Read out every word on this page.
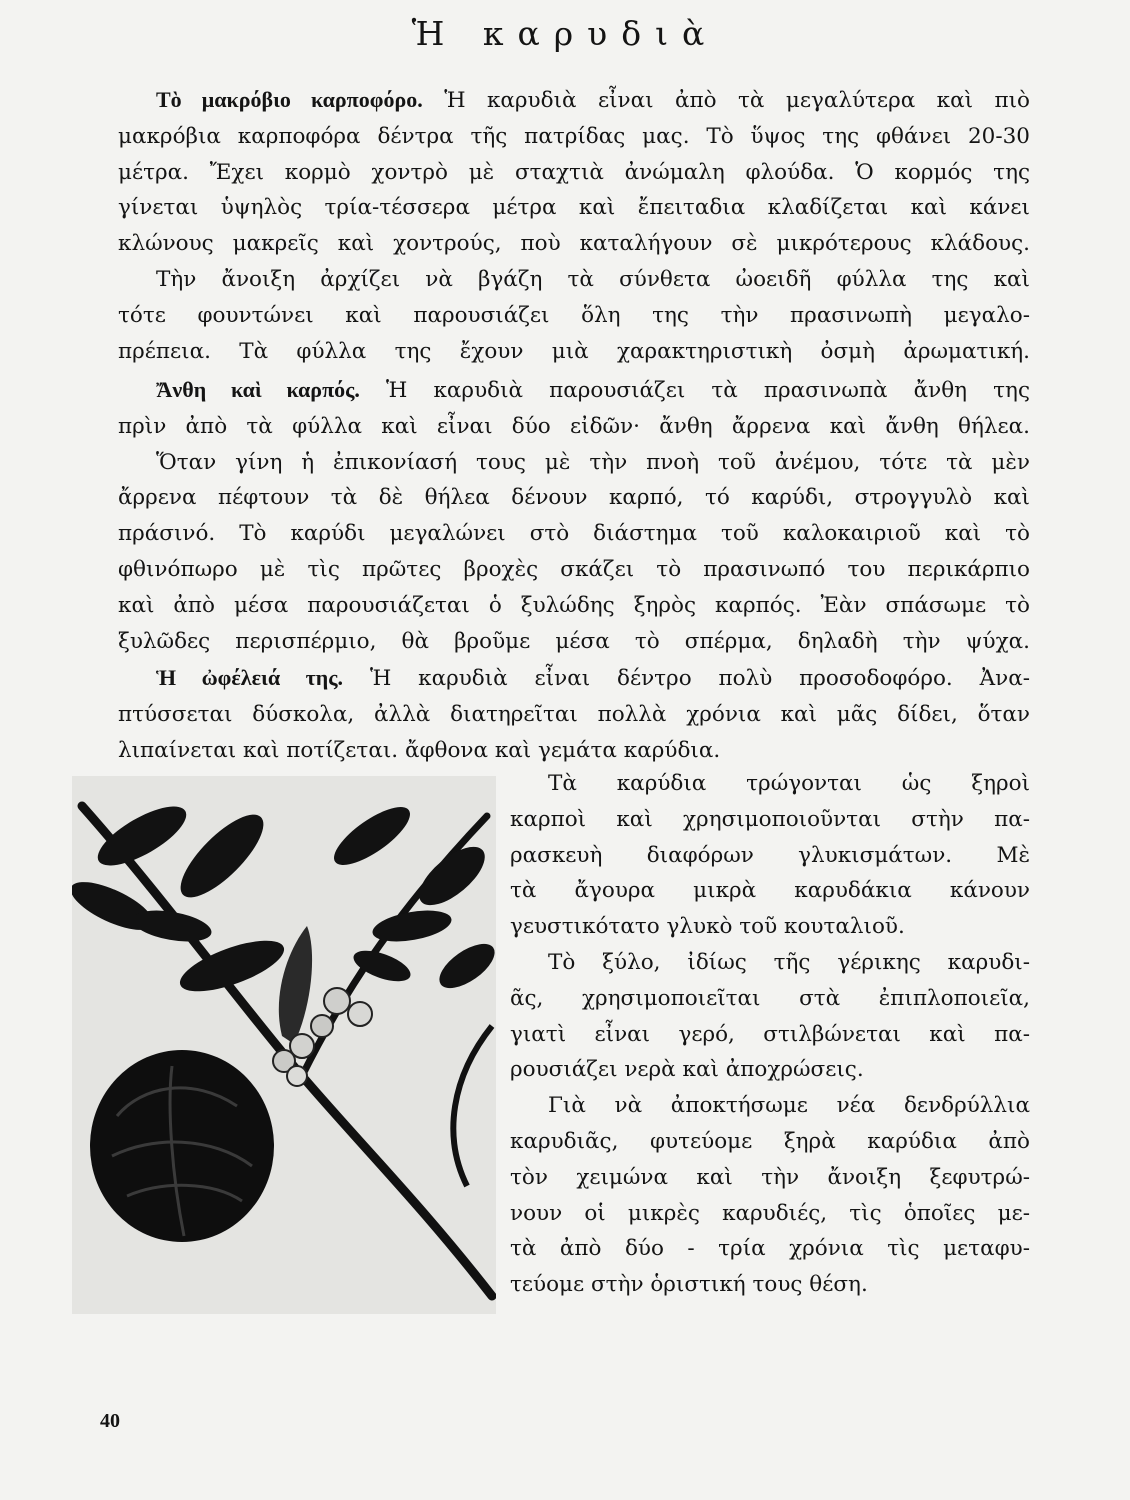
Ἡ καρυδιὰ
Τὸ μακρόβιο καρποφόρο. Ἡ καρυδιὰ εἶναι ἀπὸ τὰ μεγαλύτερα καὶ πιὸ
μακρόβια καρποφόρα δέντρα τῆς πατρίδας μας. Τὸ ὕψος της φθάνει 20-30
μέτρα. Ἔχει κορμὸ χοντρὸ μὲ σταχτιὰ ἀνώμαλη φλούδα. Ὁ κορμός της
γίνεται ὑψηλὸς τρία-τέσσερα μέτρα καὶ ἔπειταδια κλαδίζεται καὶ κάνει
κλώνους μακρεῖς καὶ χοντρούς, ποὺ καταλήγουν σὲ μικρότερους κλάδους.
Τὴν ἄνοιξη ἀρχίζει νὰ βγάζη τὰ σύνθετα ὠοειδῆ φύλλα της καὶ
τότε φουντώνει καὶ παρουσιάζει ὅλη της τὴν πρασινωπὴ μεγαλο-
πρέπεια. Τὰ φύλλα της ἔχουν μιὰ χαρακτηριστικὴ ὀσμὴ ἀρωματική.
Ἄνθη καὶ καρπός. Ἡ καρυδιὰ παρουσιάζει τὰ πρασινωπὰ ἄνθη της
πρὶν ἀπὸ τὰ φύλλα καὶ εἶναι δύο εἰδῶν· ἄνθη ἄρρενα καὶ ἄνθη θήλεα.
Ὅταν γίνη ἡ ἐπικονίασή τους μὲ τὴν πνοὴ τοῦ ἀνέμου, τότε τὰ μὲν
ἄρρενα πέφτουν τὰ δὲ θήλεα δένουν καρπό, τό καρύδι, στρογγυλὸ καὶ
πράσινό. Τὸ καρύδι μεγαλώνει στὸ διάστημα τοῦ καλοκαιριοῦ καὶ τὸ
φθινόπωρο μὲ τὶς πρῶτες βροχὲς σκάζει τὸ πρασινωπό του περικάρπιο
καὶ ἀπὸ μέσα παρουσιάζεται ὁ ξυλώδης ξηρὸς καρπός. Ἐὰν σπάσωμε τὸ
ξυλῶδες περισπέρμιο, θὰ βροῦμε μέσα τὸ σπέρμα, δηλαδὴ τὴν ψύχα.
Ἡ ὠφέλειά της. Ἡ καρυδιὰ εἶναι δέντρο πολὺ προσοδοφόρο. Ἀνα-
πτύσσεται δύσκολα, ἀλλὰ διατηρεῖται πολλὰ χρόνια καὶ μᾶς δίδει, ὅταν
λιπαίνεται καὶ ποτίζεται. ἄφθονα καὶ γεμάτα καρύδια.
Τὰ καρύδια τρώγονται ὡς ξηροὶ
καρποὶ καὶ χρησιμοποιοῦνται στὴν πα-
ρασκευὴ διαφόρων γλυκισμάτων. Μὲ
τὰ ἄγουρα μικρὰ καρυδάκια κάνουν
γευστικότατο γλυκὸ τοῦ κουταλιοῦ.
Τὸ ξύλο, ἰδίως τῆς γέρικης καρυδι-
ᾶς, χρησιμοποιεῖται στὰ ἐπιπλοποιεῖα,
γιατὶ εἶναι γερό, στιλβώνεται καὶ πα-
ρουσιάζει νερὰ καὶ ἀποχρώσεις.
Γιὰ νὰ ἀποκτήσωμε νέα δενδρύλλια
καρυδιᾶς, φυτεύομε ξηρὰ καρύδια ἀπὸ
τὸν χειμώνα καὶ τὴν ἄνοιξη ξεφυτρώ-
νουν οἱ μικρὲς καρυδιές, τὶς ὁποῖες με-
τὰ ἀπὸ δύο - τρία χρόνια τὶς μεταφυ-
τεύομε στὴν ὁριστική τους θέση.
40
